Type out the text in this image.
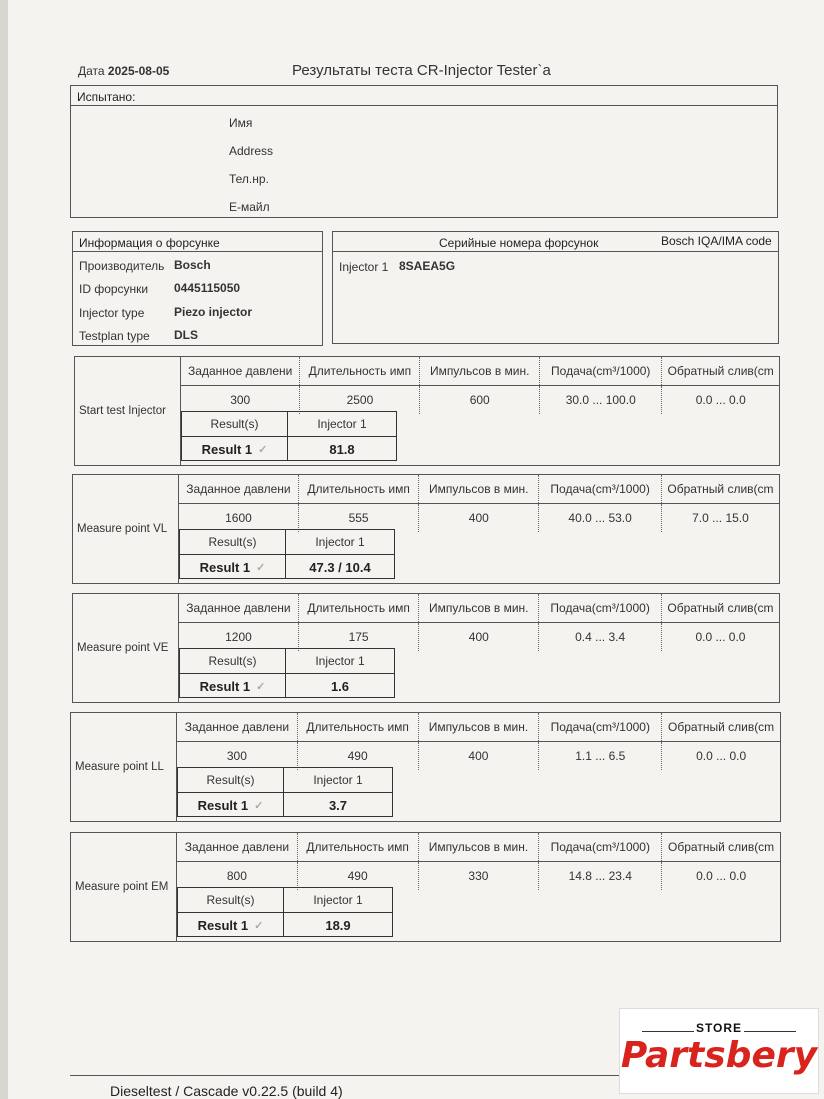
Дата 2025-08-05	Результаты теста CR-Injector Tester`a
Испытано:
Имя
Address
Тел.нр.
E-майл
Информация о форсунке
Производитель Bosch
ID форсунки 0445115050
Injector type Piezo injector
Testplan type DLS
Серийные номера форсунок	Bosch IQA/IMA code
Injector 1 8SAEA5G
Start test Injector
Заданное давлени	Длительность имп	Импульсов в мин.	Подача(cm³/1000)	Обратный слив(cm
300	2500	600	30.0 ... 100.0	0.0 ... 0.0
Result(s)	Injector 1
Result 1 ✓	81.8
Measure point VL
Заданное давлени	Длительность имп	Импульсов в мин.	Подача(cm³/1000)	Обратный слив(cm
1600	555	400	40.0 ... 53.0	7.0 ... 15.0
Result(s)	Injector 1
Result 1 ✓	47.3 / 10.4
Measure point VE
Заданное давлени	Длительность имп	Импульсов в мин.	Подача(cm³/1000)	Обратный слив(cm
1200	175	400	0.4 ... 3.4	0.0 ... 0.0
Result(s)	Injector 1
Result 1 ✓	1.6
Measure point LL
Заданное давлени	Длительность имп	Импульсов в мин.	Подача(cm³/1000)	Обратный слив(cm
300	490	400	1.1 ... 6.5	0.0 ... 0.0
Result(s)	Injector 1
Result 1 ✓	3.7
Measure point EM
Заданное давлени	Длительность имп	Импульсов в мин.	Подача(cm³/1000)	Обратный слив(cm
800	490	330	14.8 ... 23.4	0.0 ... 0.0
Result(s)	Injector 1
Result 1 ✓	18.9
Dieseltest / Cascade v0.22.5 (build 4)
STORE
Partsbery
